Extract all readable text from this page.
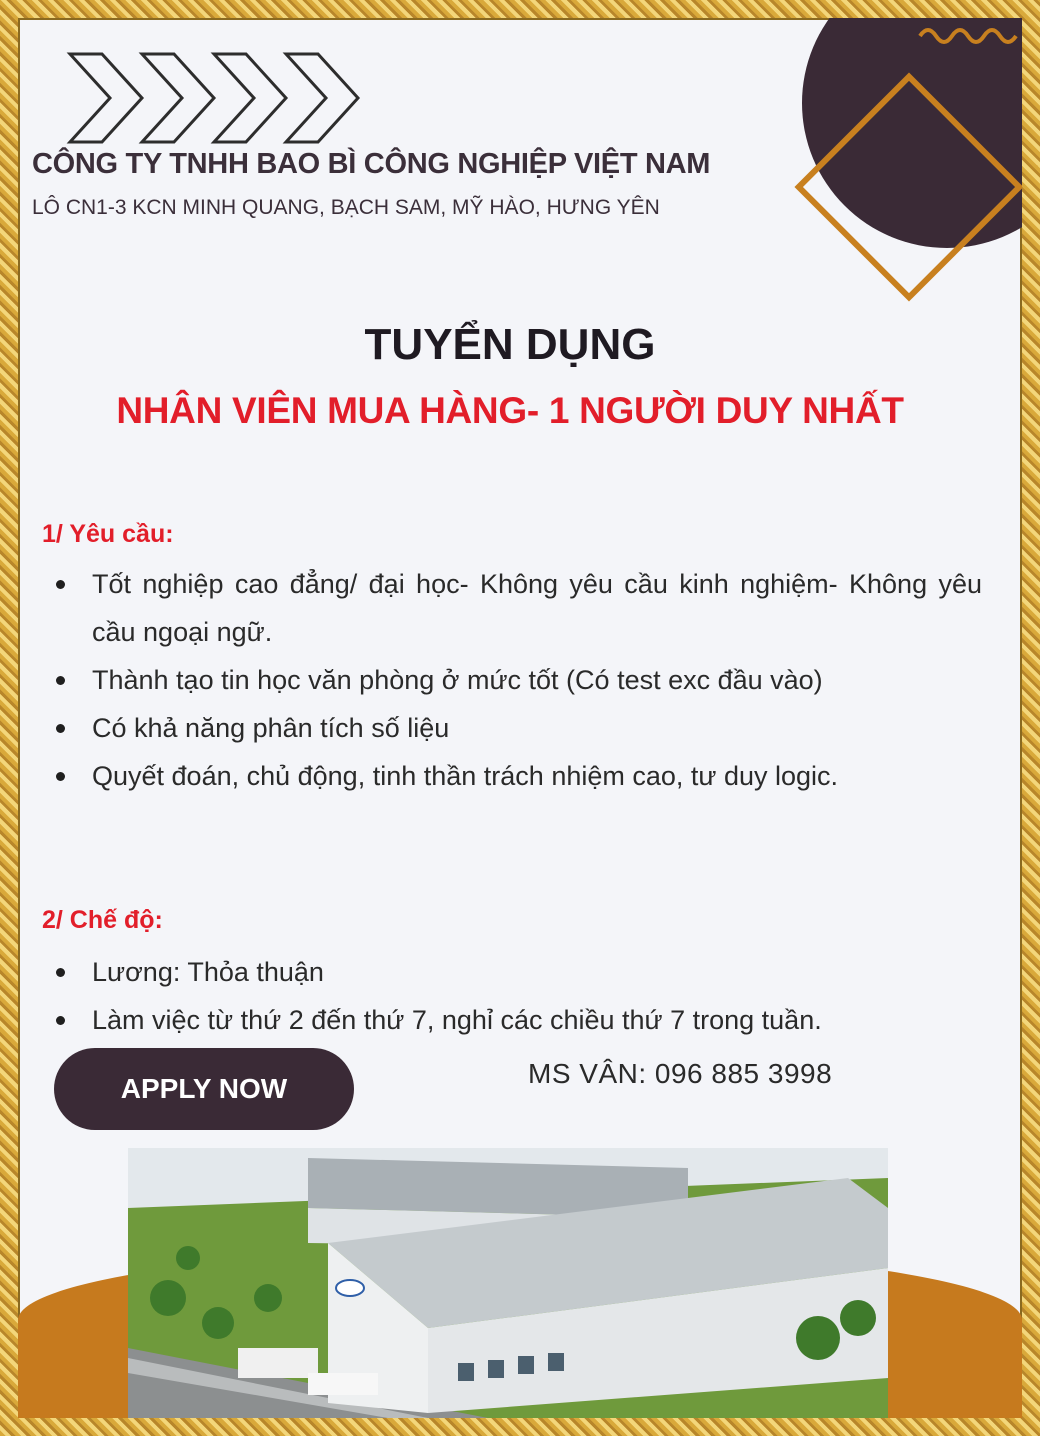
CÔNG TY TNHH BAO BÌ CÔNG NGHIỆP VIỆT NAM
LÔ CN1-3 KCN MINH QUANG, BẠCH SAM, MỸ HÀO, HƯNG YÊN
TUYỂN DỤNG
NHÂN VIÊN MUA HÀNG- 1 NGƯỜI DUY NHẤT
1/ Yêu cầu:
Tốt nghiệp cao đẳng/ đại học- Không yêu cầu kinh nghiệm- Không yêu cầu ngoại ngữ.
Thành tạo tin học văn phòng ở mức tốt (Có test exc đầu vào)
Có khả năng phân tích số liệu
Quyết đoán, chủ động, tinh thần trách nhiệm cao, tư duy logic.
2/ Chế độ:
Lương: Thỏa thuận
Làm việc từ thứ 2 đến thứ 7, nghỉ các chiều thứ 7 trong tuần.
APPLY NOW	MS VÂN: 096 885 3998
